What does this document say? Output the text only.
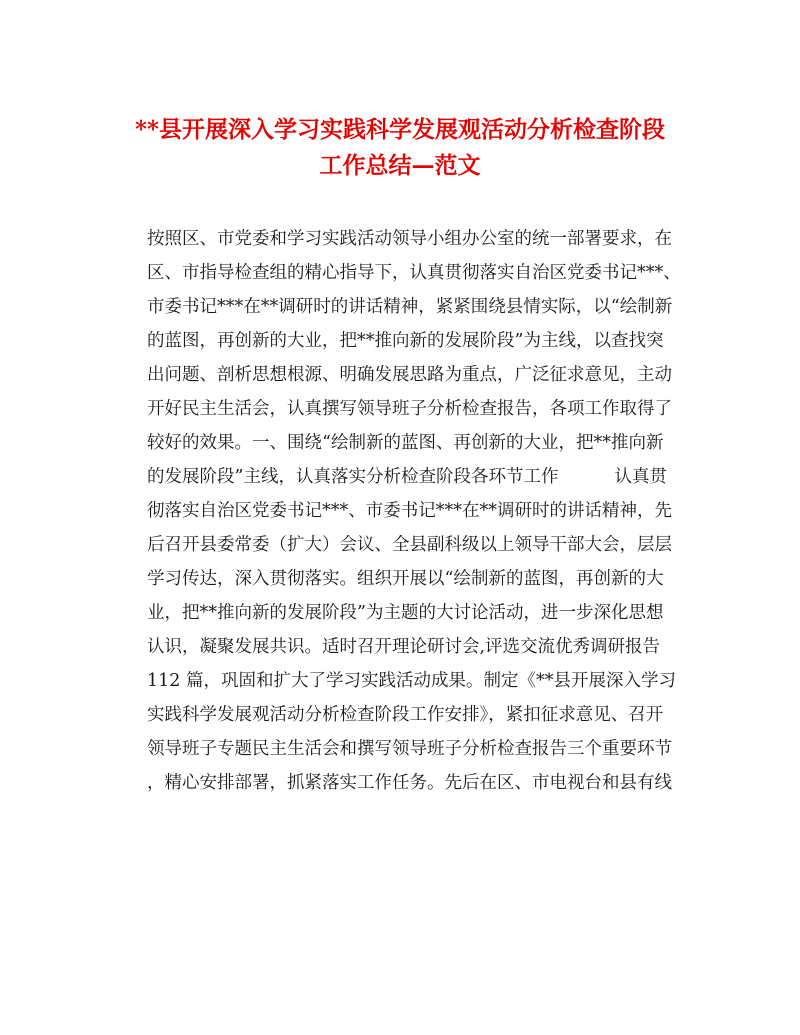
**县开展深入学习实践科学发展观活动分析检查阶段
工作总结—范文
按照区、市党委和学习实践活动领导小组办公室的统一部署要求，在
区、市指导检查组的精心指导下，认真贯彻落实自治区党委书记***、
市委书记***在**调研时的讲话精神，紧紧围绕县情实际，以“绘制新
的蓝图，再创新的大业，把**推向新的发展阶段”为主线，以查找突
出问题、剖析思想根源、明确发展思路为重点，广泛征求意见，主动
开好民主生活会，认真撰写领导班子分析检查报告，各项工作取得了
较好的效果。一、围绕“绘制新的蓝图、再创新的大业，把**推向新
的发展阶段”主线，认真落实分析检查阶段各环节工作	认真贯
彻落实自治区党委书记***、市委书记***在**调研时的讲话精神，先
后召开县委常委（扩大）会议、全县副科级以上领导干部大会，层层
学习传达，深入贯彻落实。组织开展以“绘制新的蓝图，再创新的大
业，把**推向新的发展阶段”为主题的大讨论活动，进一步深化思想
认识，凝聚发展共识。适时召开理论研讨会,评选交流优秀调研报告
112 篇，巩固和扩大了学习实践活动成果。制定《**县开展深入学习
实践科学发展观活动分析检查阶段工作安排》，紧扣征求意见、召开
领导班子专题民主生活会和撰写领导班子分析检查报告三个重要环节
，精心安排部署，抓紧落实工作任务。先后在区、市电视台和县有线
